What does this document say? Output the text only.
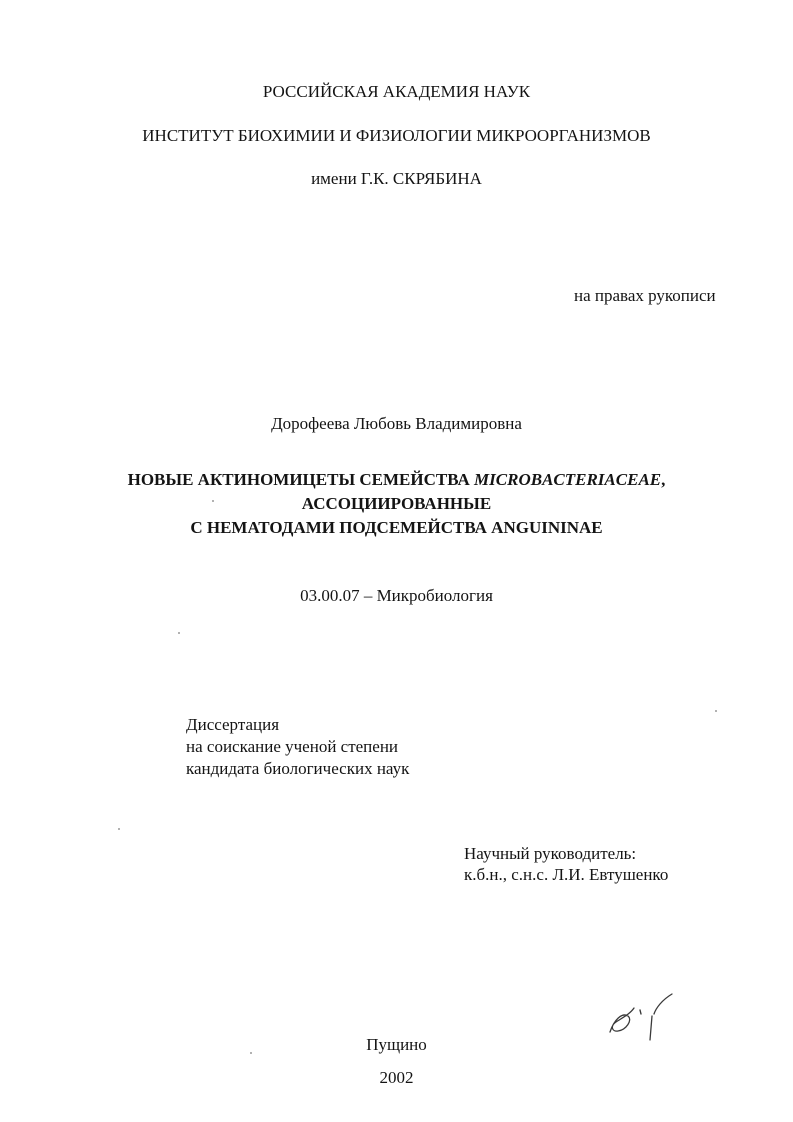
РОССИЙСКАЯ АКАДЕМИЯ НАУК
ИНСТИТУТ БИОХИМИИ И ФИЗИОЛОГИИ МИКРООРГАНИЗМОВ
имени Г.К. СКРЯБИНА
на правах рукописи
Дорофеева Любовь Владимировна
НОВЫЕ АКТИНОМИЦЕТЫ СЕМЕЙСТВА MICROBACTERIACEAE,
АССОЦИИРОВАННЫЕ
С НЕМАТОДАМИ ПОДСЕМЕЙСТВА ANGUININAE
03.00.07 – Микробиология
Диссертация
на соискание ученой степени
кандидата биологических наук
Научный руководитель:
к.б.н., с.н.с. Л.И. Евтушенко
Пущино
2002
